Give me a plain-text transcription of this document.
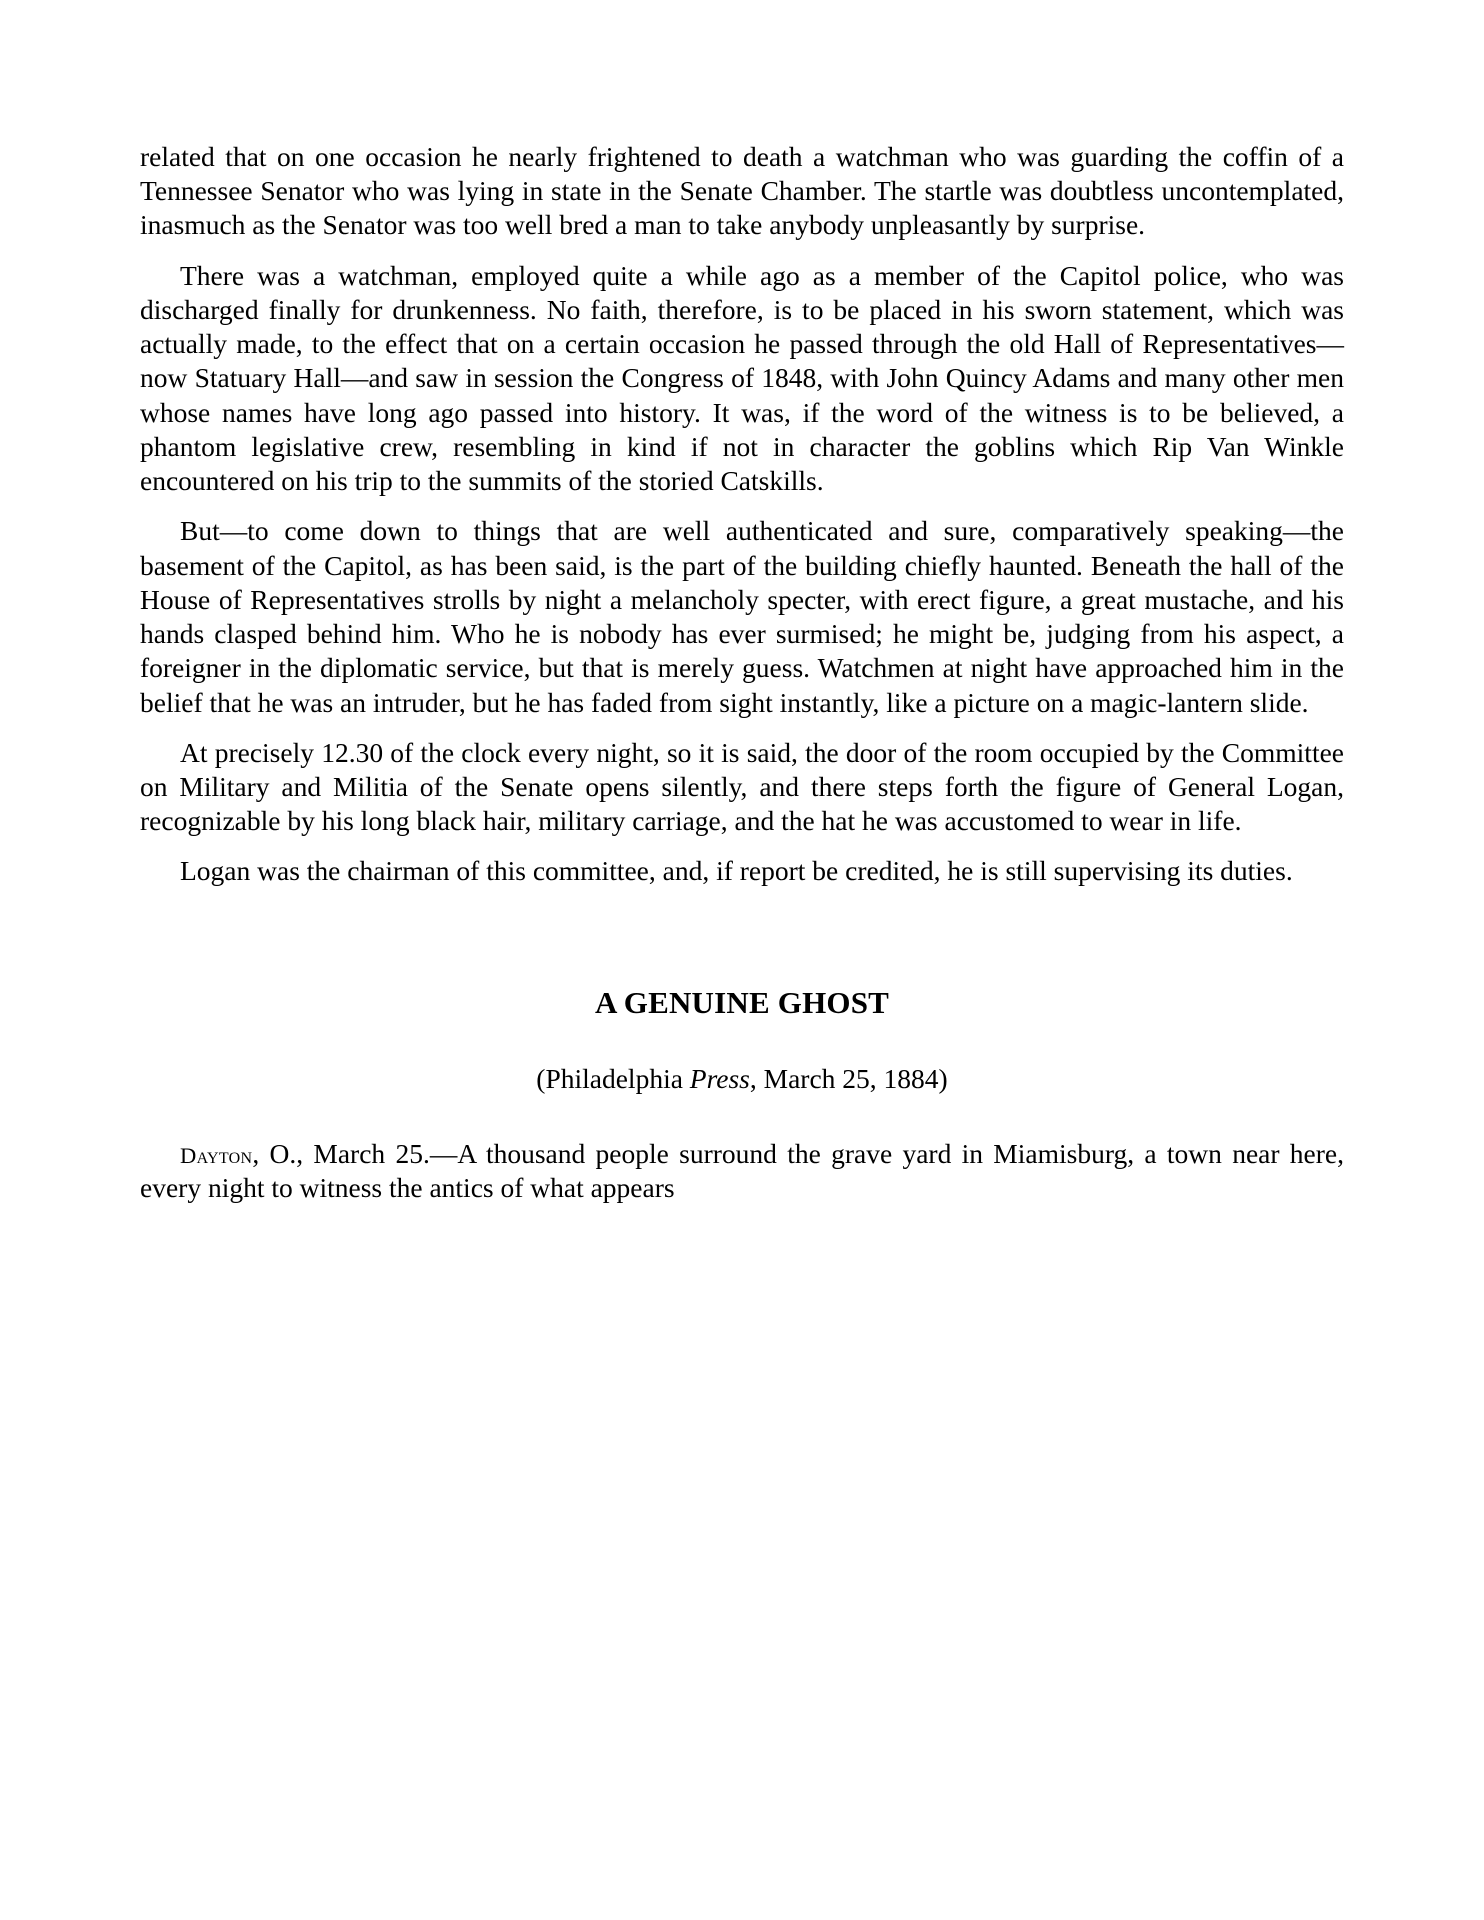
related that on one occasion he nearly frightened to death a watchman who was guarding the coffin of a Tennessee Senator who was lying in state in the Senate Chamber. The startle was doubtless uncontemplated, inasmuch as the Senator was too well bred a man to take anybody unpleasantly by surprise.

There was a watchman, employed quite a while ago as a member of the Capitol police, who was discharged finally for drunkenness. No faith, therefore, is to be placed in his sworn statement, which was actually made, to the effect that on a certain occasion he passed through the old Hall of Representatives—now Statuary Hall—and saw in session the Congress of 1848, with John Quincy Adams and many other men whose names have long ago passed into history. It was, if the word of the witness is to be believed, a phantom legislative crew, resembling in kind if not in character the goblins which Rip Van Winkle encountered on his trip to the summits of the storied Catskills.

But—to come down to things that are well authenticated and sure, comparatively speaking—the basement of the Capitol, as has been said, is the part of the building chiefly haunted. Beneath the hall of the House of Representatives strolls by night a melancholy specter, with erect figure, a great mustache, and his hands clasped behind him. Who he is nobody has ever surmised; he might be, judging from his aspect, a foreigner in the diplomatic service, but that is merely guess. Watchmen at night have approached him in the belief that he was an intruder, but he has faded from sight instantly, like a picture on a magic-lantern slide.

At precisely 12.30 of the clock every night, so it is said, the door of the room occupied by the Committee on Military and Militia of the Senate opens silently, and there steps forth the figure of General Logan, recognizable by his long black hair, military carriage, and the hat he was accustomed to wear in life.

Logan was the chairman of this committee, and, if report be credited, he is still supervising its duties.

A GENUINE GHOST

(Philadelphia Press, March 25, 1884)

Dayton, O., March 25.—A thousand people surround the grave yard in Miamisburg, a town near here, every night to witness the antics of what appears
